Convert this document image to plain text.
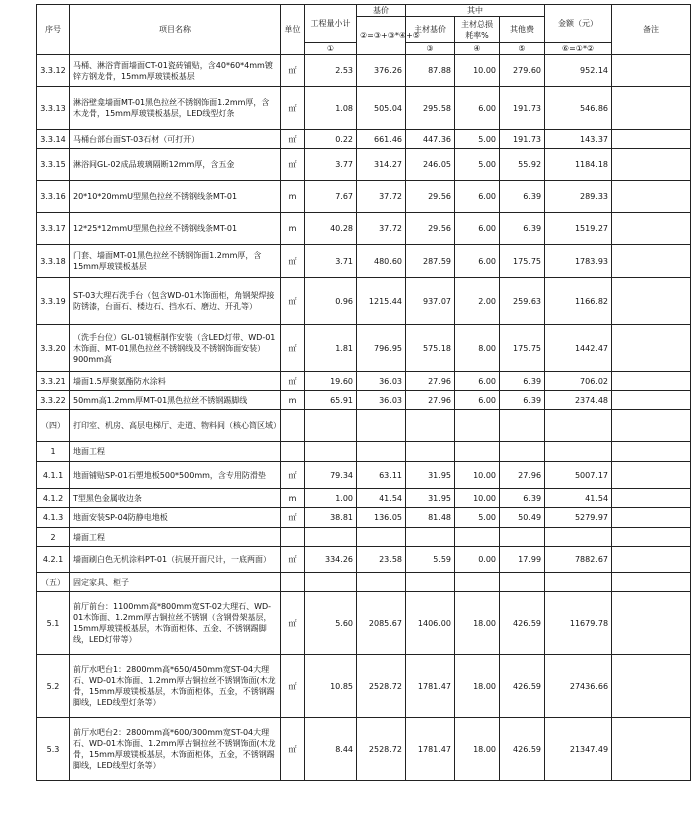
序号	项目名称	单位	工程量小计	基价	其中			金额（元）	备注
				②=③+③*④+⑤	主材基价	主材总损耗率%	其他费		
			①		③	④	⑤	⑥=①*②	
3.3.12	马桶、淋浴背面墙面CT-01瓷砖铺贴，含40*60*4mm镀锌方钢龙骨，15mm厚玻镁板基层	㎡	2.53	376.26	87.88	10.00	279.60	952.14	
3.3.13	淋浴壁龛墙面MT-01黑色拉丝不锈钢饰面1.2mm厚，含木龙骨，15mm厚玻镁板基层，LED线型灯条	㎡	1.08	505.04	295.58	6.00	191.73	546.86	
3.3.14	马桶台部台面ST-03石材（可打开）	㎡	0.22	661.46	447.36	5.00	191.73	143.37	
3.3.15	淋浴间GL-02成品玻璃隔断12mm厚，含五金	㎡	3.77	314.27	246.05	5.00	55.92	1184.18	
3.3.16	20*10*20mmU型黑色拉丝不锈钢线条MT-01	m	7.67	37.72	29.56	6.00	6.39	289.33	
3.3.17	12*25*12mmU型黑色拉丝不锈钢线条MT-01	m	40.28	37.72	29.56	6.00	6.39	1519.27	
3.3.18	门套、墙面MT-01黑色拉丝不锈钢饰面1.2mm厚，含15mm厚玻镁板基层	㎡	3.71	480.60	287.59	6.00	175.75	1783.93	
3.3.19	ST-03大理石洗手台（包含WD-01木饰面柜，角钢架焊接防锈漆，台面石、楼边石、挡水石、磨边、开孔等）	㎡	0.96	1215.44	937.07	2.00	259.63	1166.82	
3.3.20	（洗手台位）GL-01镜框制作安装（含LED灯带、WD-01木饰面、MT-01黑色拉丝不锈钢线及不锈钢饰面安装）900mm高	㎡	1.81	796.95	575.18	8.00	175.75	1442.47	
3.3.21	墙面1.5厚聚氨酯防水涂料	㎡	19.60	36.03	27.96	6.00	6.39	706.02	
3.3.22	50mm高1.2mm厚MT-01黑色拉丝不锈钢踢脚线	m	65.91	36.03	27.96	6.00	6.39	2374.48	
（四）	打印室、机房、高层电梯厅、走道、物料间（核心筒区域）								
1	地面工程								
4.1.1	地面铺贴SP-01石塑地板500*500mm，含专用防滑垫	㎡	79.34	63.11	31.95	10.00	27.96	5007.17	
4.1.2	T型黑色金属收边条	m	1.00	41.54	31.95	10.00	6.39	41.54	
4.1.3	地面安装SP-04防静电地板	㎡	38.81	136.05	81.48	5.00	50.49	5279.97	
2	墙面工程								
4.2.1	墙面刷白色无机涂料PT-01（抗展开面尺计，一底两面）	㎡	334.26	23.58	5.59	0.00	17.99	7882.67	
（五）	固定家具、柜子								
5.1	前厅前台：1100mm高*800mm宽ST-02大理石、WD-01木饰面、1.2mm厚古铜拉丝不锈钢（含钢骨架基层，15mm厚玻镁板基层，木饰面柜体、五金、不锈钢踢脚线，LED灯带等）	㎡	5.60	2085.67	1406.00	18.00	426.59	11679.78	
5.2	前厅水吧台1：2800mm高*650/450mm宽ST-04大理石、WD-01木饰面、1.2mm厚古铜拉丝不锈钢饰面(木龙骨，15mm厚玻镁板基层，木饰面柜体，五金，不锈钢踢脚线，LED线型灯条等）	㎡	10.85	2528.72	1781.47	18.00	426.59	27436.66	
5.3	前厅水吧台2：2800mm高*600/300mm宽ST-04大理石、WD-01木饰面、1.2mm厚古铜拉丝不锈钢饰面(木龙骨，15mm厚玻镁板基层，木饰面柜体，五金，不锈钢踢脚线，LED线型灯条等）	㎡	8.44	2528.72	1781.47	18.00	426.59	21347.49	
